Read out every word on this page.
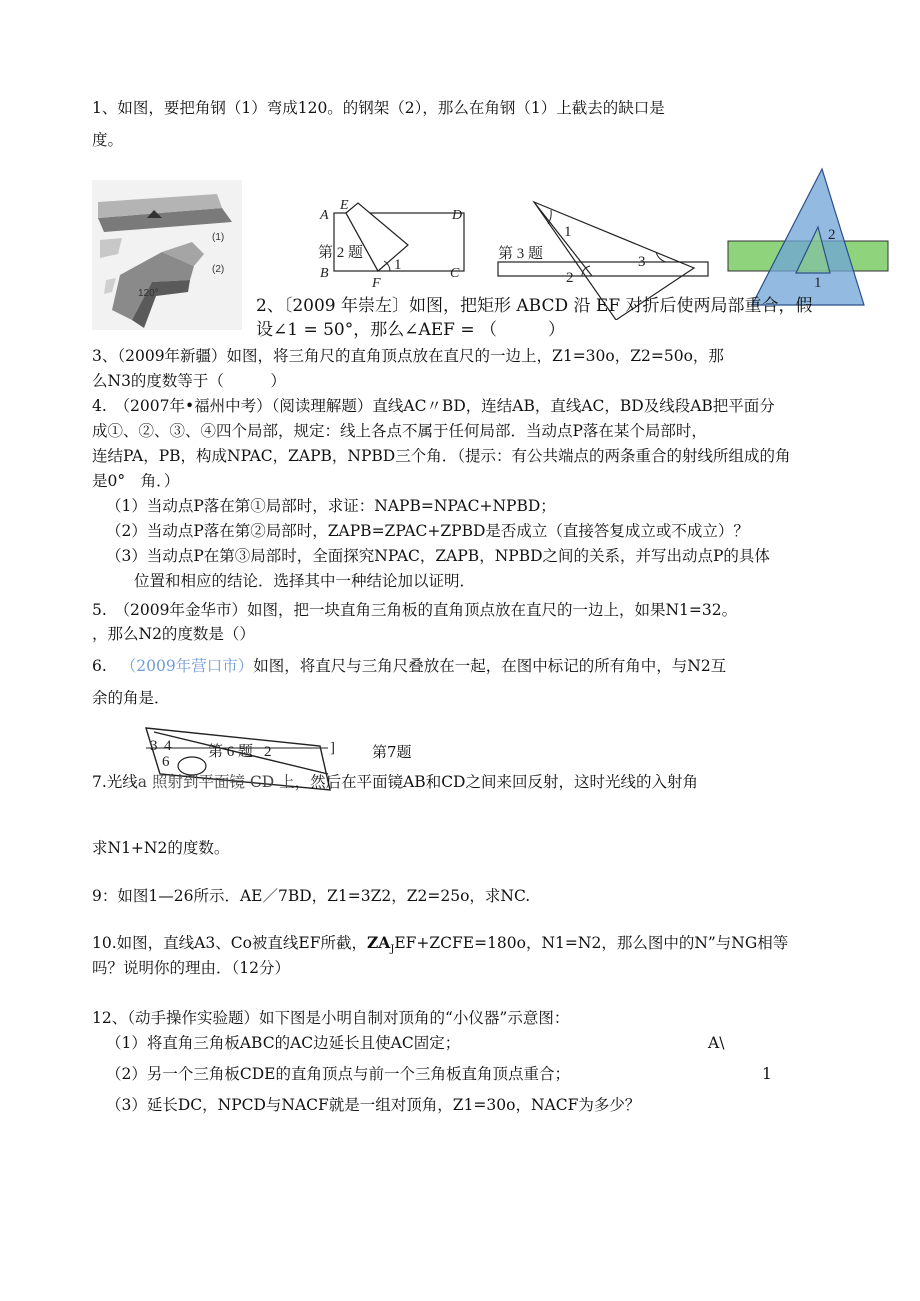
1、如图，要把角钢（1）弯成120。的钢架（2），那么在角钢（1）上截去的缺口是
度。
(1)
(2)
120°
A
E
D
B
F
C
1
第 2 题	第 3 题
1
2
3
2
1
2、〔2009 年崇左〕如图，把矩形 ABCD 沿 EF 对折后使两局部重合，假
设∠1 = 50°，那么∠AEF = （　　　）
3、（2009年新疆）如图，将三角尺的直角顶点放在直尺的一边上，Z1=30o，Z2=50o，那
么N3的度数等于（　　　）
4.　（2007年•福州中考）（阅读理解题）直线AC〃BD，连结AB，直线AC，BD及线段AB把平面分
成①、②、③、④四个局部，规定：线上各点不属于任何局部．当动点P落在某个局部时，
连结PA，PB，构成NPAC，ZAPB，NPBD三个角．（提示：有公共端点的两条重合的射线所组成的角
是0°　角．）
（1）当动点P落在第①局部时，求证：NAPB=NPAC+NPBD；
（2）当动点P落在第②局部时，ZAPB=ZPAC+ZPBD是否成立（直接答复成立或不成立）？
（3）当动点P在第③局部时，全面探究NPAC，ZAPB，NPBD之间的关系，并写出动点P的具体
位置和相应的结论．选择其中一种结论加以证明．
5.　（2009年金华市）如图，把一块直角三角板的直角顶点放在直尺的一边上，如果N1=32。
，那么N2的度数是（）
6. （2009年营口市）如图，将直尺与三角尺叠放在一起，在图中标记的所有角中，与N2互
余的角是．
3 4
6
第 6 题 2	] 第7题
7.光线a 照射到平面镜 CD 上，然后在平面镜AB和CD之间来回反射，这时光线的入射角
求N1+N2的度数。
9：如图1—26所示．AE／7BD，Z1=3Z2，Z2=25o，求NC.
10.如图，直线A3、Co被直线EF所截，$ZA_JEF+ZCFE=180o$，N1=N2，那么图中的N”与NG相等
吗？说明你的理由．（12分）
12、（动手操作实验题）如下图是小明自制对顶角的“小仪器”示意图：
（1）将直角三角板ABC的AC边延长且使AC固定；	A\
（2）另一个三角板CDE的直角顶点与前一个三角板直角顶点重合；	1
（3）延长DC，NPCD与NACF就是一组对顶角，Z1=30o，NACF为多少？
